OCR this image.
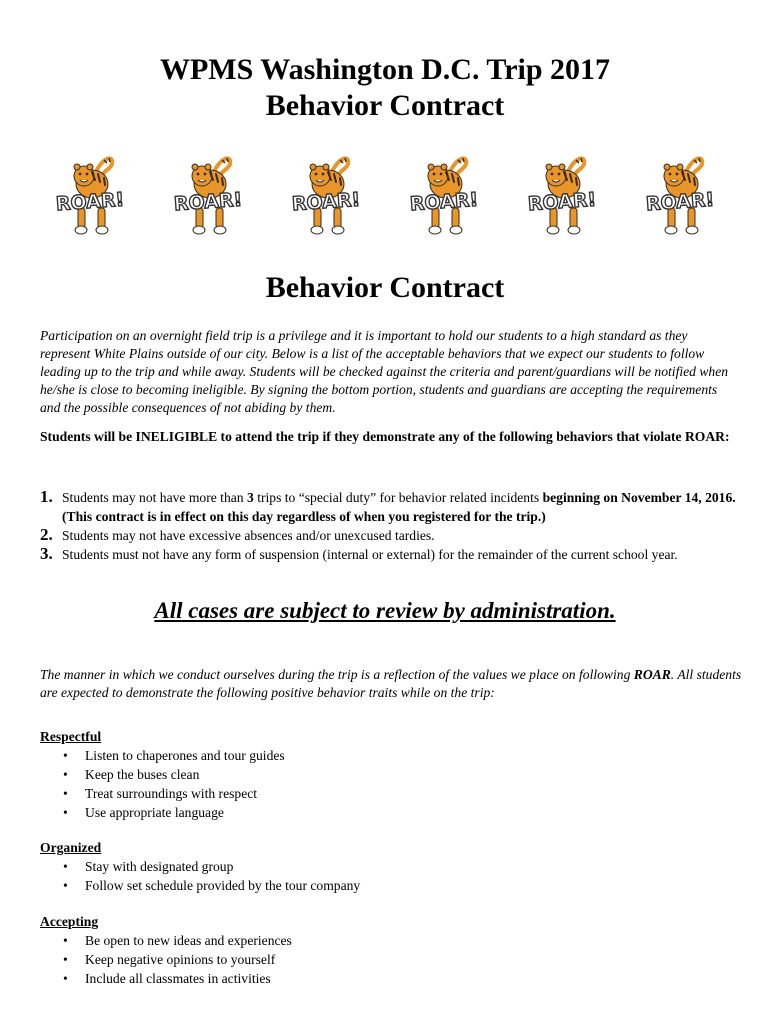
WPMS Washington D.C. Trip 2017
Behavior Contract
ROAR!	ROAR!	ROAR!	ROAR!	ROAR!	ROAR!
Behavior Contract
Participation on an overnight field trip is a privilege and it is important to hold our students to a high standard as they represent White Plains outside of our city. Below is a list of the acceptable behaviors that we expect our students to follow leading up to the trip and while away. Students will be checked against the criteria and parent/guardians will be notified when he/she is close to becoming ineligible. By signing the bottom portion, students and guardians are accepting the requirements and the possible consequences of not abiding by them.
Students will be INELIGIBLE to attend the trip if they demonstrate any of the following behaviors that violate ROAR:
1. Students may not have more than 3 trips to “special duty” for behavior related incidents beginning on November 14, 2016. (This contract is in effect on this day regardless of when you registered for the trip.)
2. Students may not have excessive absences and/or unexcused tardies.
3. Students must not have any form of suspension (internal or external) for the remainder of the current school year.
All cases are subject to review by administration.
The manner in which we conduct ourselves during the trip is a reflection of the values we place on following ROAR. All students are expected to demonstrate the following positive behavior traits while on the trip:
Respectful
• Listen to chaperones and tour guides
• Keep the buses clean
• Treat surroundings with respect
• Use appropriate language
Organized
• Stay with designated group
• Follow set schedule provided by the tour company
Accepting
• Be open to new ideas and experiences
• Keep negative opinions to yourself
• Include all classmates in activities
